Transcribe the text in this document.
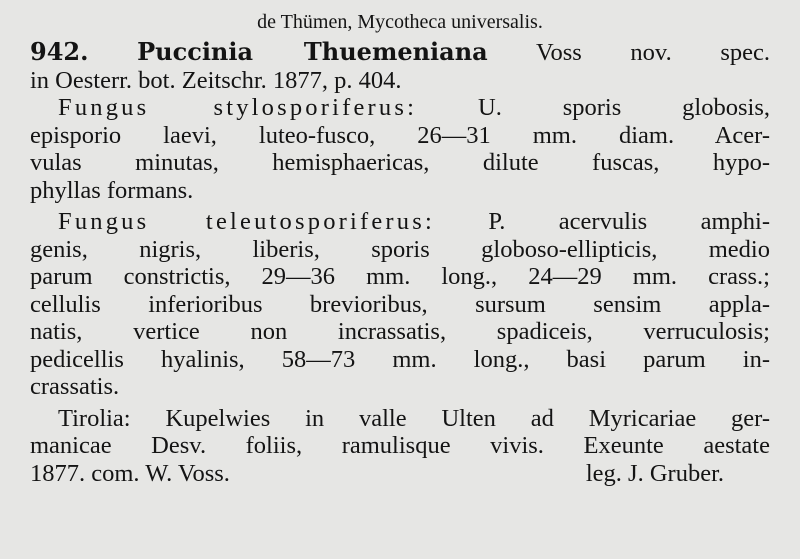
de Thümen, Mycotheca universalis.
942. Puccinia Thuemeniana Voss nov. spec.
in Oesterr. bot. Zeitschr. 1877, p. 404.
Fungus stylosporiferus: U. sporis globosis,
episporio laevi, luteo-fusco, 26—31 mm. diam. Acer-
vulas minutas, hemisphaericas, dilute fuscas, hypo-
phyllas formans.
Fungus teleutosporiferus: P. acervulis amphi-
genis, nigris, liberis, sporis globoso-ellipticis, medio
parum constrictis, 29—36 mm. long., 24—29 mm. crass.;
cellulis inferioribus brevioribus, sursum sensim appla-
natis, vertice non incrassatis, spadiceis, verruculosis;
pedicellis hyalinis, 58—73 mm. long., basi parum in-
crassatis.
Tirolia: Kupelwies in valle Ulten ad Myricariae ger-
manicae Desv. foliis, ramulisque vivis. Exeunte aestate
1877. com. W. Voss.	leg. J. Gruber.
